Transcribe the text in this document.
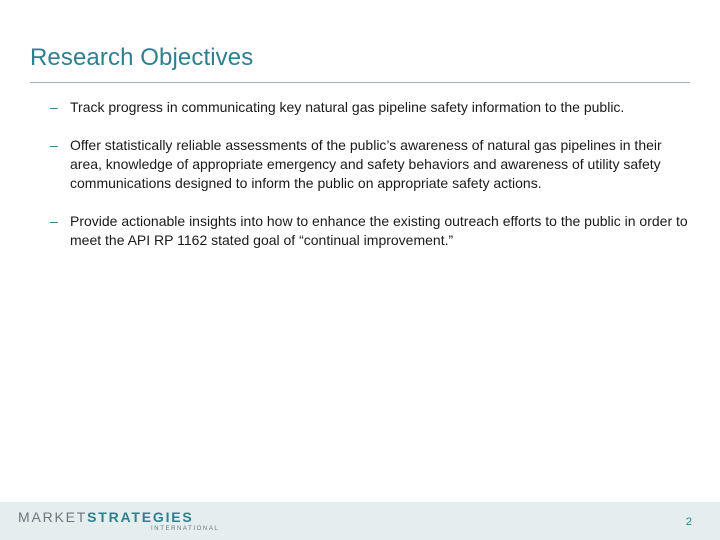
Research Objectives
– Track progress in communicating key natural gas pipeline safety information to the public.
– Offer statistically reliable assessments of the public’s awareness of natural gas pipelines in their area, knowledge of appropriate emergency and safety behaviors and awareness of utility safety communications designed to inform the public on appropriate safety actions.
– Provide actionable insights into how to enhance the existing outreach efforts to the public in order to meet the API RP 1162 stated goal of “continual improvement.”
MARKETSTRATEGIES
INTERNATIONAL
2
